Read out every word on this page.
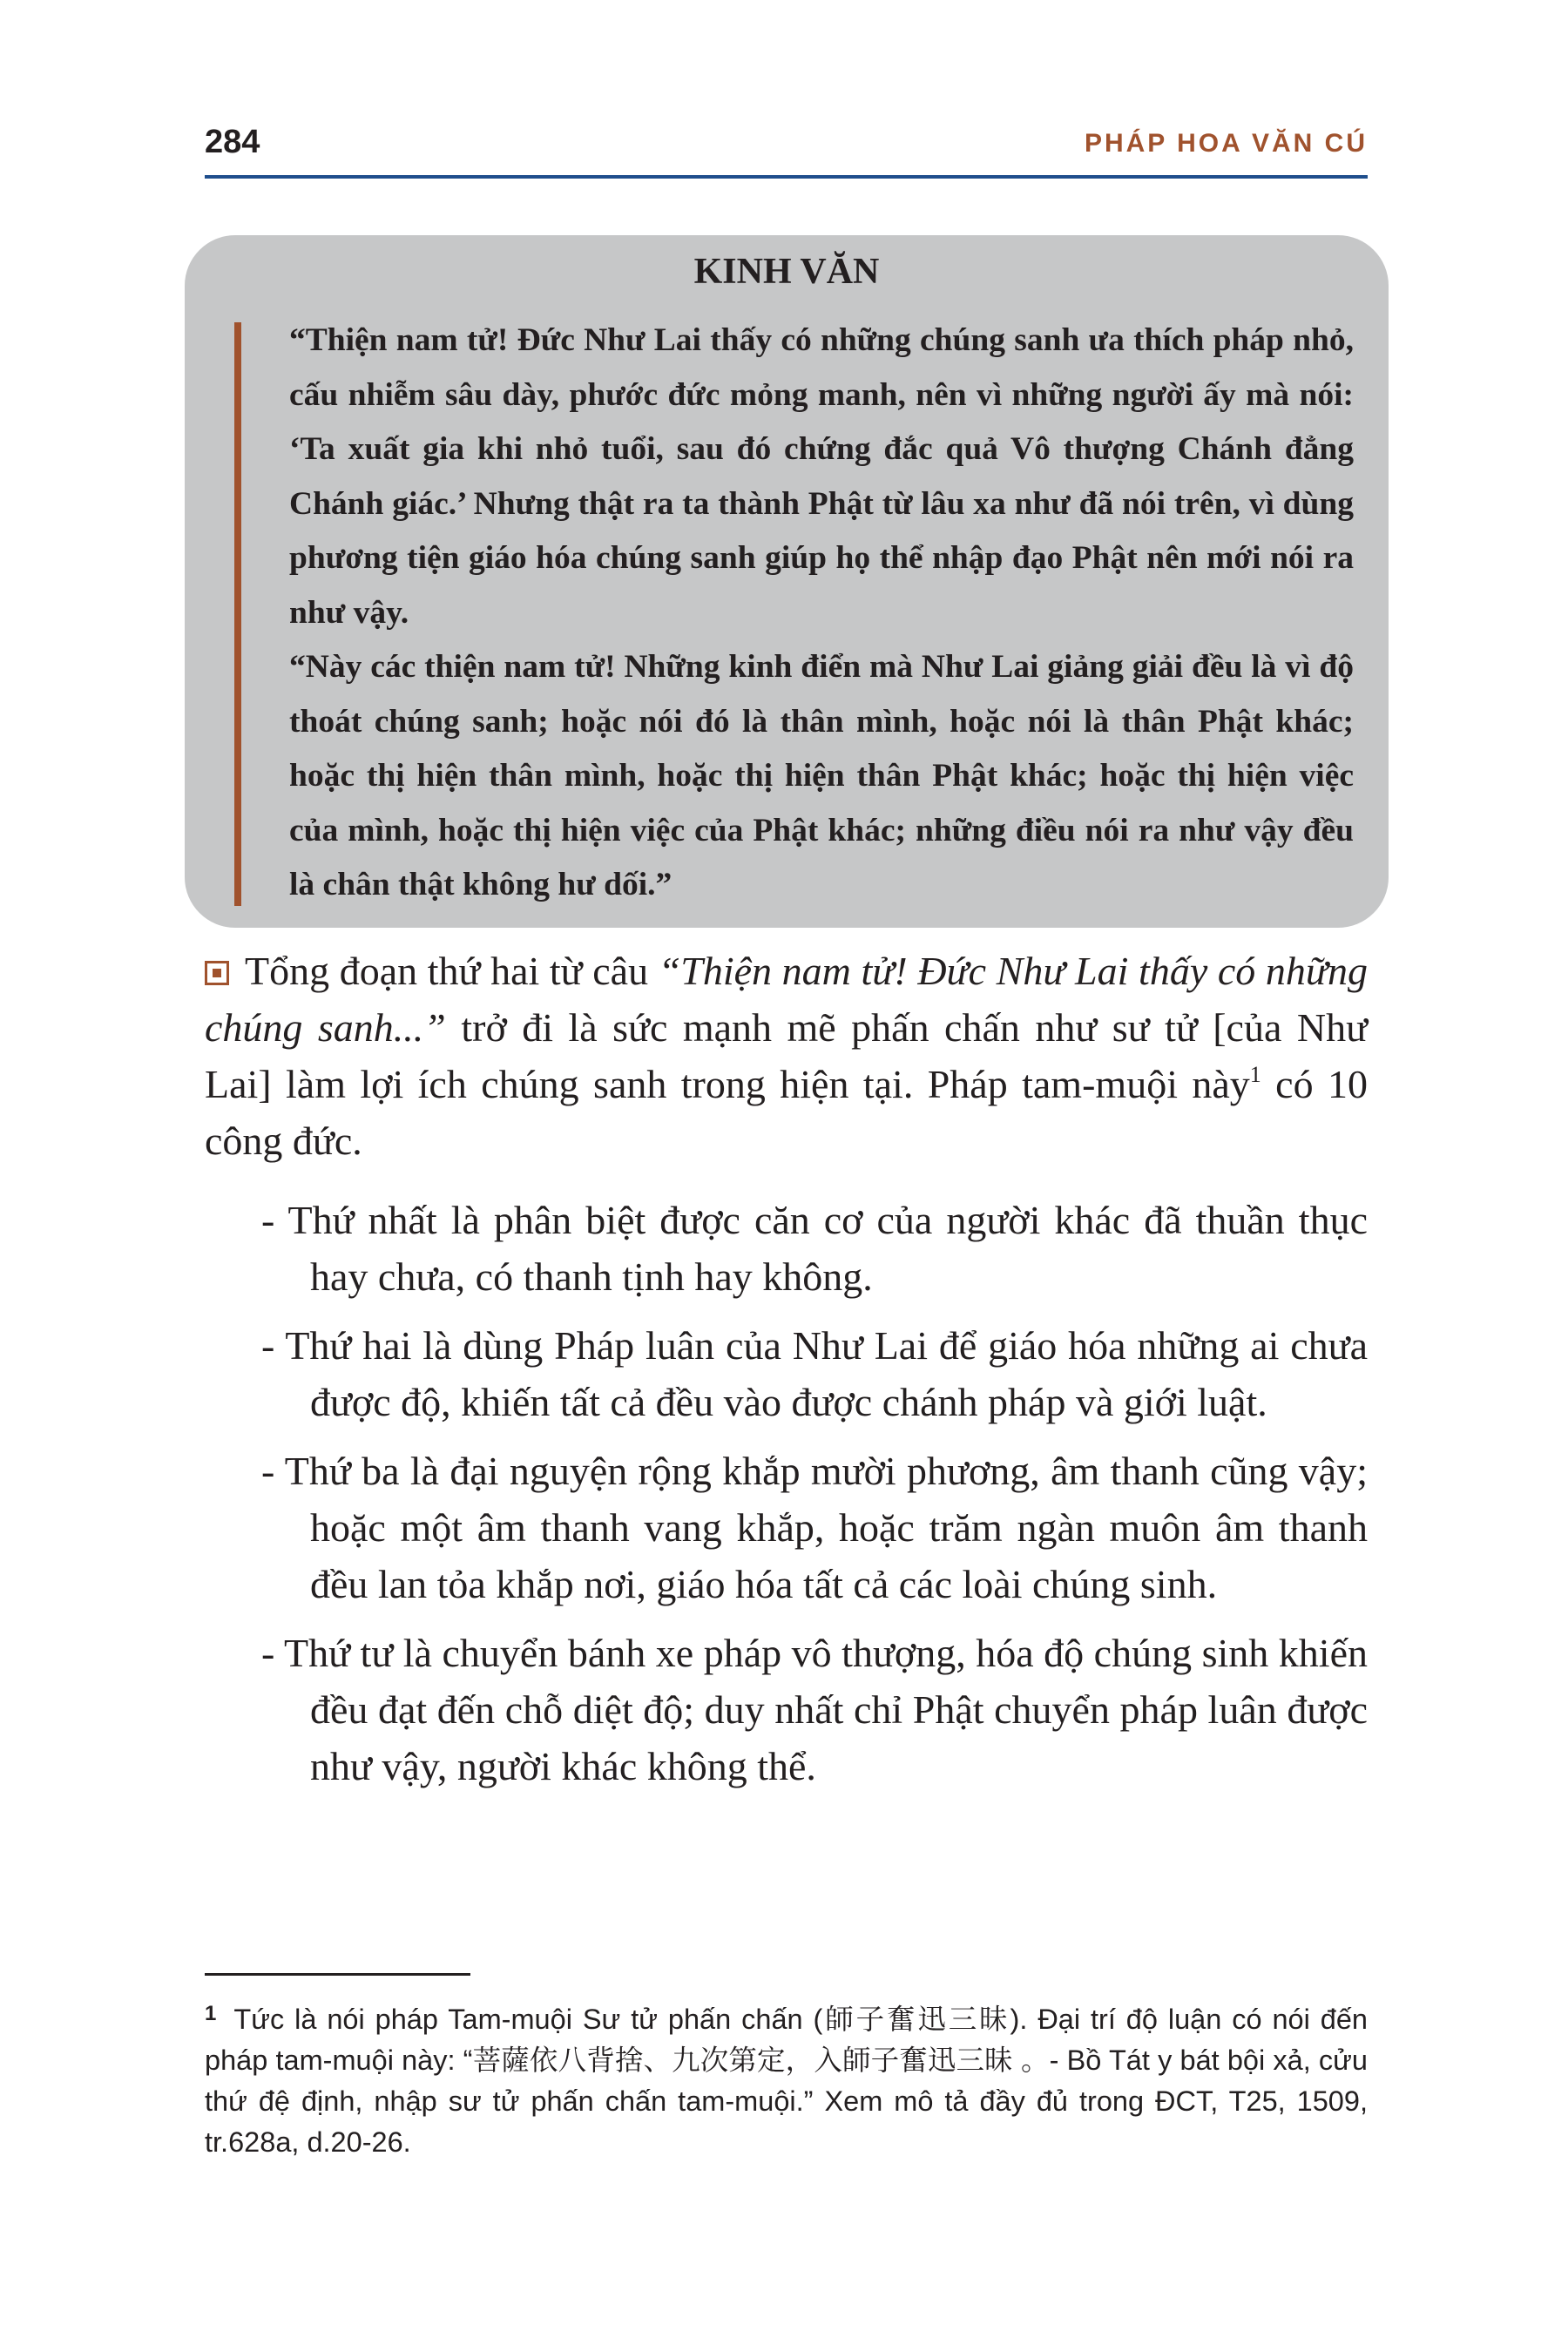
284	PHÁP HOA VĂN CÚ
KINH VĂN

“Thiện nam tử! Đức Như Lai thấy có những chúng sanh ưa thích pháp nhỏ, cấu nhiễm sâu dày, phước đức mỏng manh, nên vì những người ấy mà nói: ‘Ta xuất gia khi nhỏ tuổi, sau đó chứng đắc quả Vô thượng Chánh đẳng Chánh giác.’ Nhưng thật ra ta thành Phật từ lâu xa như đã nói trên, vì dùng phương tiện giáo hóa chúng sanh giúp họ thể nhập đạo Phật nên mới nói ra như vậy.

“Này các thiện nam tử! Những kinh điển mà Như Lai giảng giải đều là vì độ thoát chúng sanh; hoặc nói đó là thân mình, hoặc nói là thân Phật khác; hoặc thị hiện thân mình, hoặc thị hiện thân Phật khác; hoặc thị hiện việc của mình, hoặc thị hiện việc của Phật khác; những điều nói ra như vậy đều là chân thật không hư dối.”

Tổng đoạn thứ hai từ câu “Thiện nam tử! Đức Như Lai thấy có những chúng sanh...” trở đi là sức mạnh mẽ phấn chấn như sư tử [của Như Lai] làm lợi ích chúng sanh trong hiện tại. Pháp tam-muội này$^1$ có 10 công đức.

- Thứ nhất là phân biệt được căn cơ của người khác đã thuần thục hay chưa, có thanh tịnh hay không.
- Thứ hai là dùng Pháp luân của Như Lai để giáo hóa những ai chưa được độ, khiến tất cả đều vào được chánh pháp và giới luật.
- Thứ ba là đại nguyện rộng khắp mười phương, âm thanh cũng vậy; hoặc một âm thanh vang khắp, hoặc trăm ngàn muôn âm thanh đều lan tỏa khắp nơi, giáo hóa tất cả các loài chúng sinh.
- Thứ tư là chuyển bánh xe pháp vô thượng, hóa độ chúng sinh khiến đều đạt đến chỗ diệt độ; duy nhất chỉ Phật chuyển pháp luân được như vậy, người khác không thể.
$^1$ Tức là nói pháp Tam-muội Sư tử phấn chấn (師子奮迅三昧). Đại trí độ luận có nói đến pháp tam-muội này: “菩薩依八背捨、九次第定，入師子奮迅三昧 。- Bồ Tát y bát bội xả, cửu thứ đệ định, nhập sư tử phấn chấn tam-muội.” Xem mô tả đầy đủ trong ĐCT, T25, 1509, tr.628a, d.20-26.
